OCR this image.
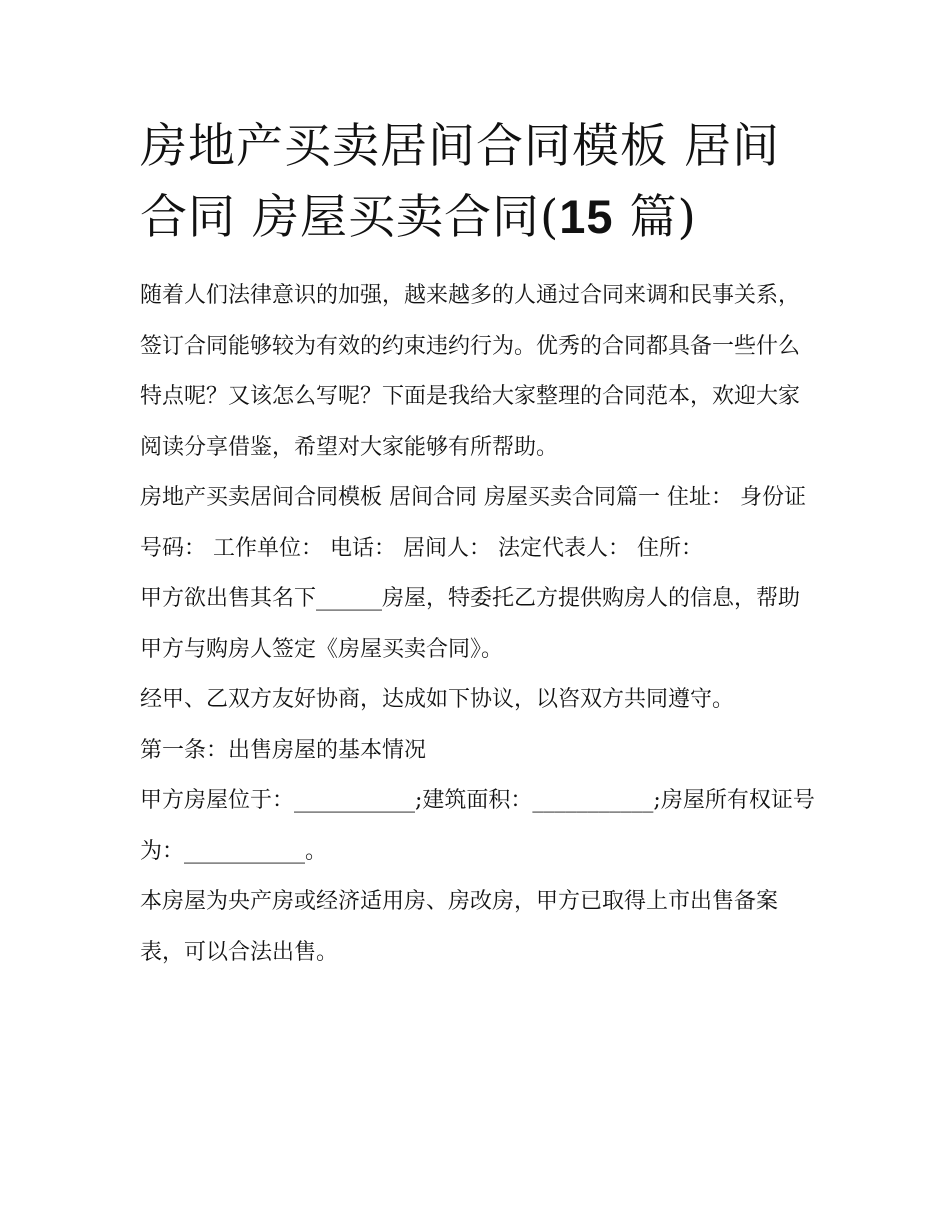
房地产买卖居间合同模板 居间合同 房屋买卖合同(15 篇)

随着人们法律意识的加强，越来越多的人通过合同来调和民事关系，签订合同能够较为有效的约束违约行为。优秀的合同都具备一些什么特点呢？又该怎么写呢？下面是我给大家整理的合同范本，欢迎大家阅读分享借鉴，希望对大家能够有所帮助。

房地产买卖居间合同模板 居间合同 房屋买卖合同篇一 住址： 身份证号码： 工作单位： 电话： 居间人： 法定代表人： 住所：

甲方欲出售其名下______房屋，特委托乙方提供购房人的信息，帮助甲方与购房人签定《房屋买卖合同》。

经甲、乙双方友好协商，达成如下协议，以咨双方共同遵守。

第一条：出售房屋的基本情况

甲方房屋位于：___________;建筑面积：___________;房屋所有权证号为：___________。

本房屋为央产房或经济适用房、房改房，甲方已取得上市出售备案表，可以合法出售。
